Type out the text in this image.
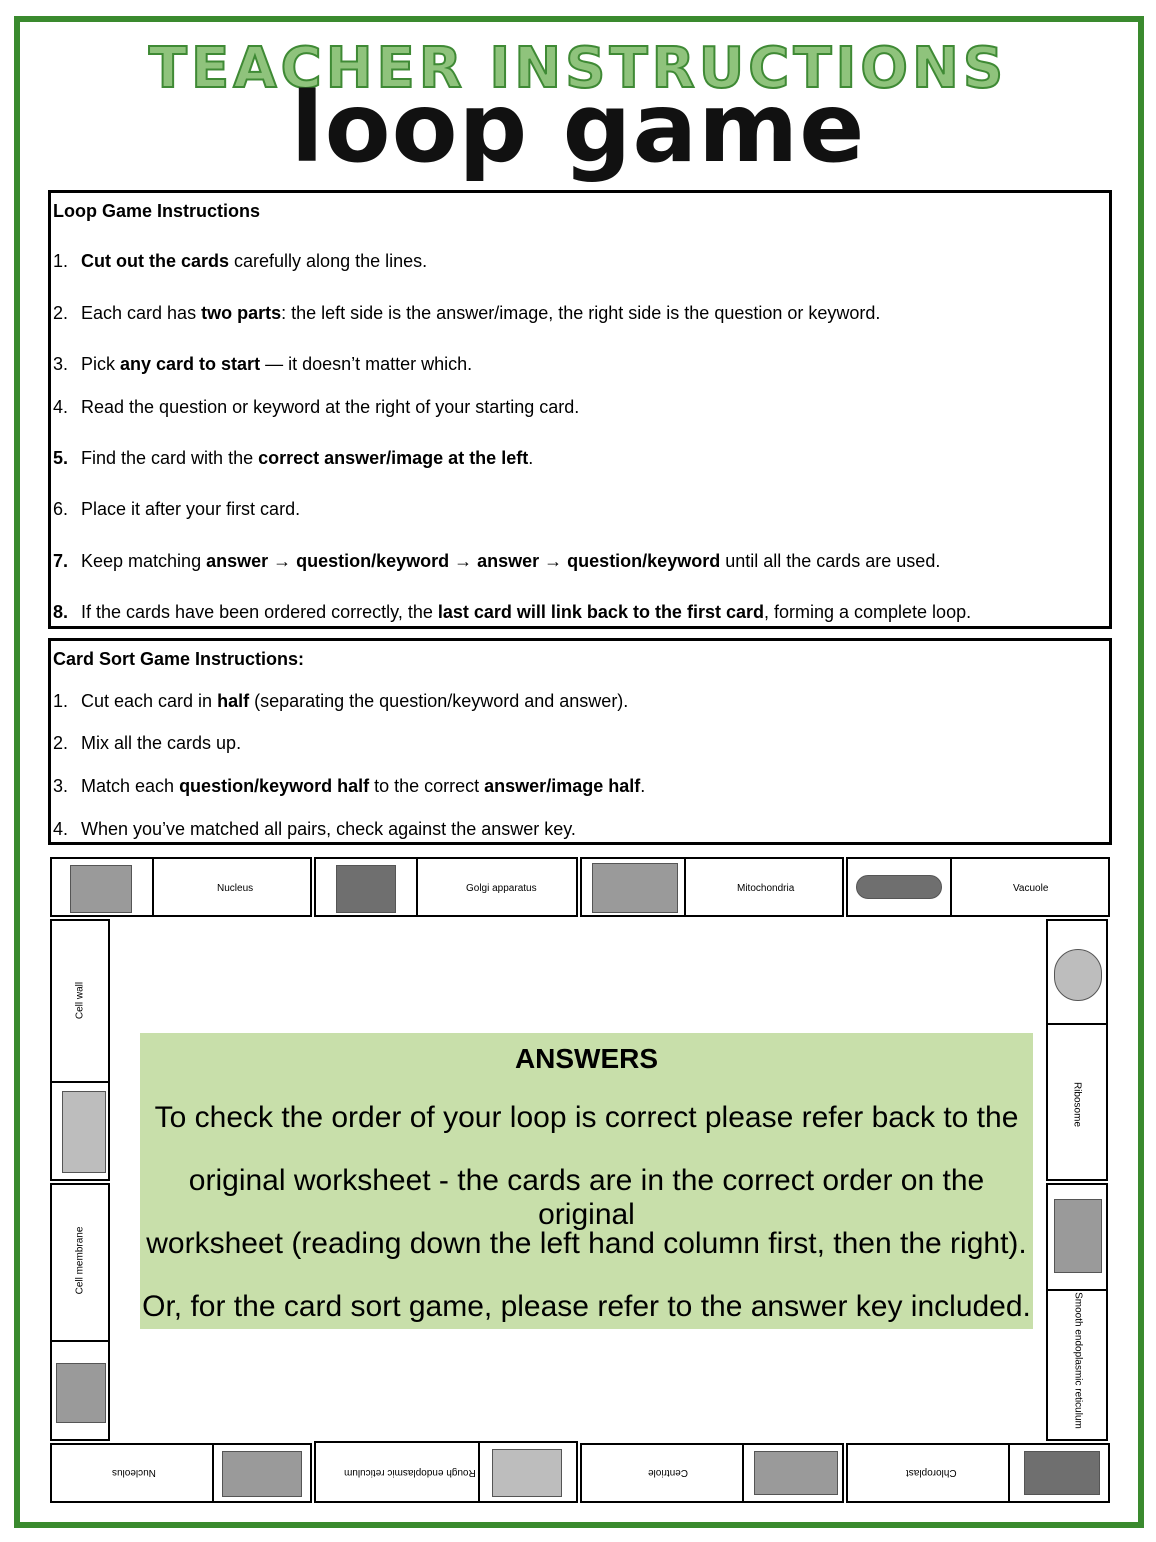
TEACHER INSTRUCTIONS
loop game
Loop Game Instructions
1. Cut out the cards carefully along the lines.
2. Each card has two parts: the left side is the answer/image, the right side is the question or keyword.
3. Pick any card to start — it doesn’t matter which.
4. Read the question or keyword at the right of your starting card.
5. Find the card with the correct answer/image at the left.
6. Place it after your first card.
7. Keep matching answer → question/keyword → answer → question/keyword until all the cards are used.
8. If the cards have been ordered correctly, the last card will link back to the first card, forming a complete loop.
Card Sort Game Instructions:
1. Cut each card in half (separating the question/keyword and answer).
2. Mix all the cards up.
3. Match each question/keyword half to the correct answer/image half.
4. When you’ve matched all pairs, check against the answer key.
Nucleus	Golgi apparatus	Mitochondria	Vacuole
Cell wall
Cell membrane
Ribosome
Smooth endoplasmic reticulum
Nucleolus	Rough endoplasmic reticulum	Centriole	Chloroplast
ANSWERS
To check the order of your loop is correct please refer back to the
original worksheet - the cards are in the correct order on the original
worksheet (reading down the left hand column first, then the right).
Or, for the card sort game, please refer to the answer key included.
